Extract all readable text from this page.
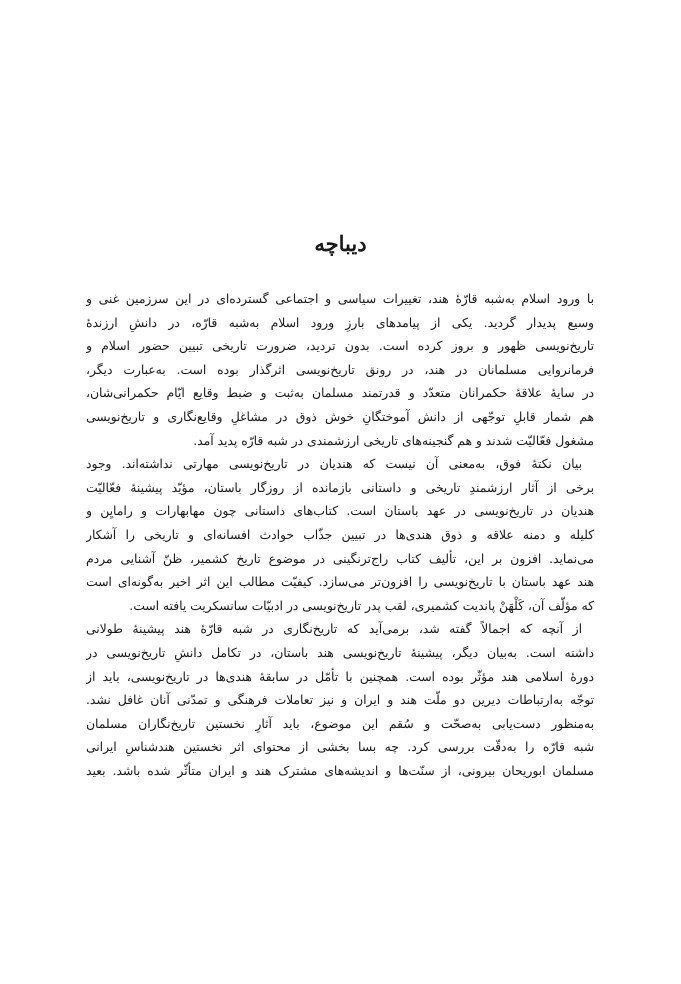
دیباچه
با ورود اسلام به‌شبه قارّهٔ هند، تغییرات سیاسی و اجتماعی گسترده‌ای در این سرزمین غنی و
وسیع پدیدار گردید. یکی از پیامدهای بارزِ ورود اسلام به‌شبه قارّه، در دانشِ ارزندهٔ
تاریخ‌نویسی ظهور و بروز کرده است. بدون تردید، ضرورت تاریخی تبیین حضور اسلام و
فرمانروایی مسلمانان در هند، در رونق تاریخ‌نویسی اثرگذار بوده است. به‌عبارت دیگر،
در سایهٔ علاقهٔ حکمرانان متعدّد و قدرتمند مسلمان به‌ثبت و ضبط وقایع ایّام حکمرانی‌شان،
هم شمار قابلِ توجّهی از دانش آموختگانِ خوش ذوق در مشاغلِ وقایع‌نگاری و تاریخ‌نویسی
مشغول فعّالیّت شدند و هم گنجینه‌های تاریخی ارزشمندی در شبه قارّه پدید آمد.
بیان نکتهٔ فوق، به‌معنی آن نیست که هندیان در تاریخ‌نویسی مهارتی نداشته‌اند. وجود
برخی از آثار ارزشمندِ تاریخی و داستانی بازمانده از روزگار باستان، مؤیّد پیشینهٔ فعّالیّت
هندیان در تاریخ‌نویسی در عهد باستان است. کتاب‌های داستانی چون مهابهارات و رامایِن و
کلیله و دمنه علاقه و ذوق هندی‌ها در تبیین جذّاب حوادث افسانه‌ای و تاریخی را آشکار
می‌نماید. افزون بر این، تألیف کتاب راج‌ترنگینی در موضوع تاریخ کشمیر، ظنّ آشنایی مردم
هند عهد باستان با تاریخ‌نویسی را افزون‌تر می‌سازد. کیفیّت مطالب این اثر اخیر به‌گونه‌ای است
که مؤلّف آن، کَلْهَنْ پاندیت کشمیری، لقب پدر تاریخ‌نویسی در ادبیّات سانسکریت یافته است.
از آنچه که اجمالاً گفته شد، برمی‌آید که تاریخ‌نگاری در شبه قارّهٔ هند پیشینهٔ طولانی
داشته است. به‌بیان دیگر، پیشینهٔ تاریخ‌نویسی هند باستان، در تکامل دانشِ تاریخ‌نویسی در
دورهٔ اسلامی هند مؤثّر بوده است. همچنین با تأمّل در سابقهٔ هندی‌ها در تاریخ‌نویسی، باید از
توجّه به‌ارتباطات دیرین دو ملّت هند و ایران و نیز تعاملات فرهنگی و تمدّنی آنان غافل نشد.
به‌منظور دست‌یابی به‌صحّت و سُقم این موضوع، باید آثارِ نخستین تاریخ‌نگاران مسلمان
شبه قارّه را به‌دقّت بررسی کرد. چه بسا بخشی از محتوای اثر نخستین هندشناسِ ایرانی
مسلمان ابوریحان بیرونی، از سنّت‌ها و اندیشه‌های مشترک هند و ایران متأثّر شده باشد. بعید
